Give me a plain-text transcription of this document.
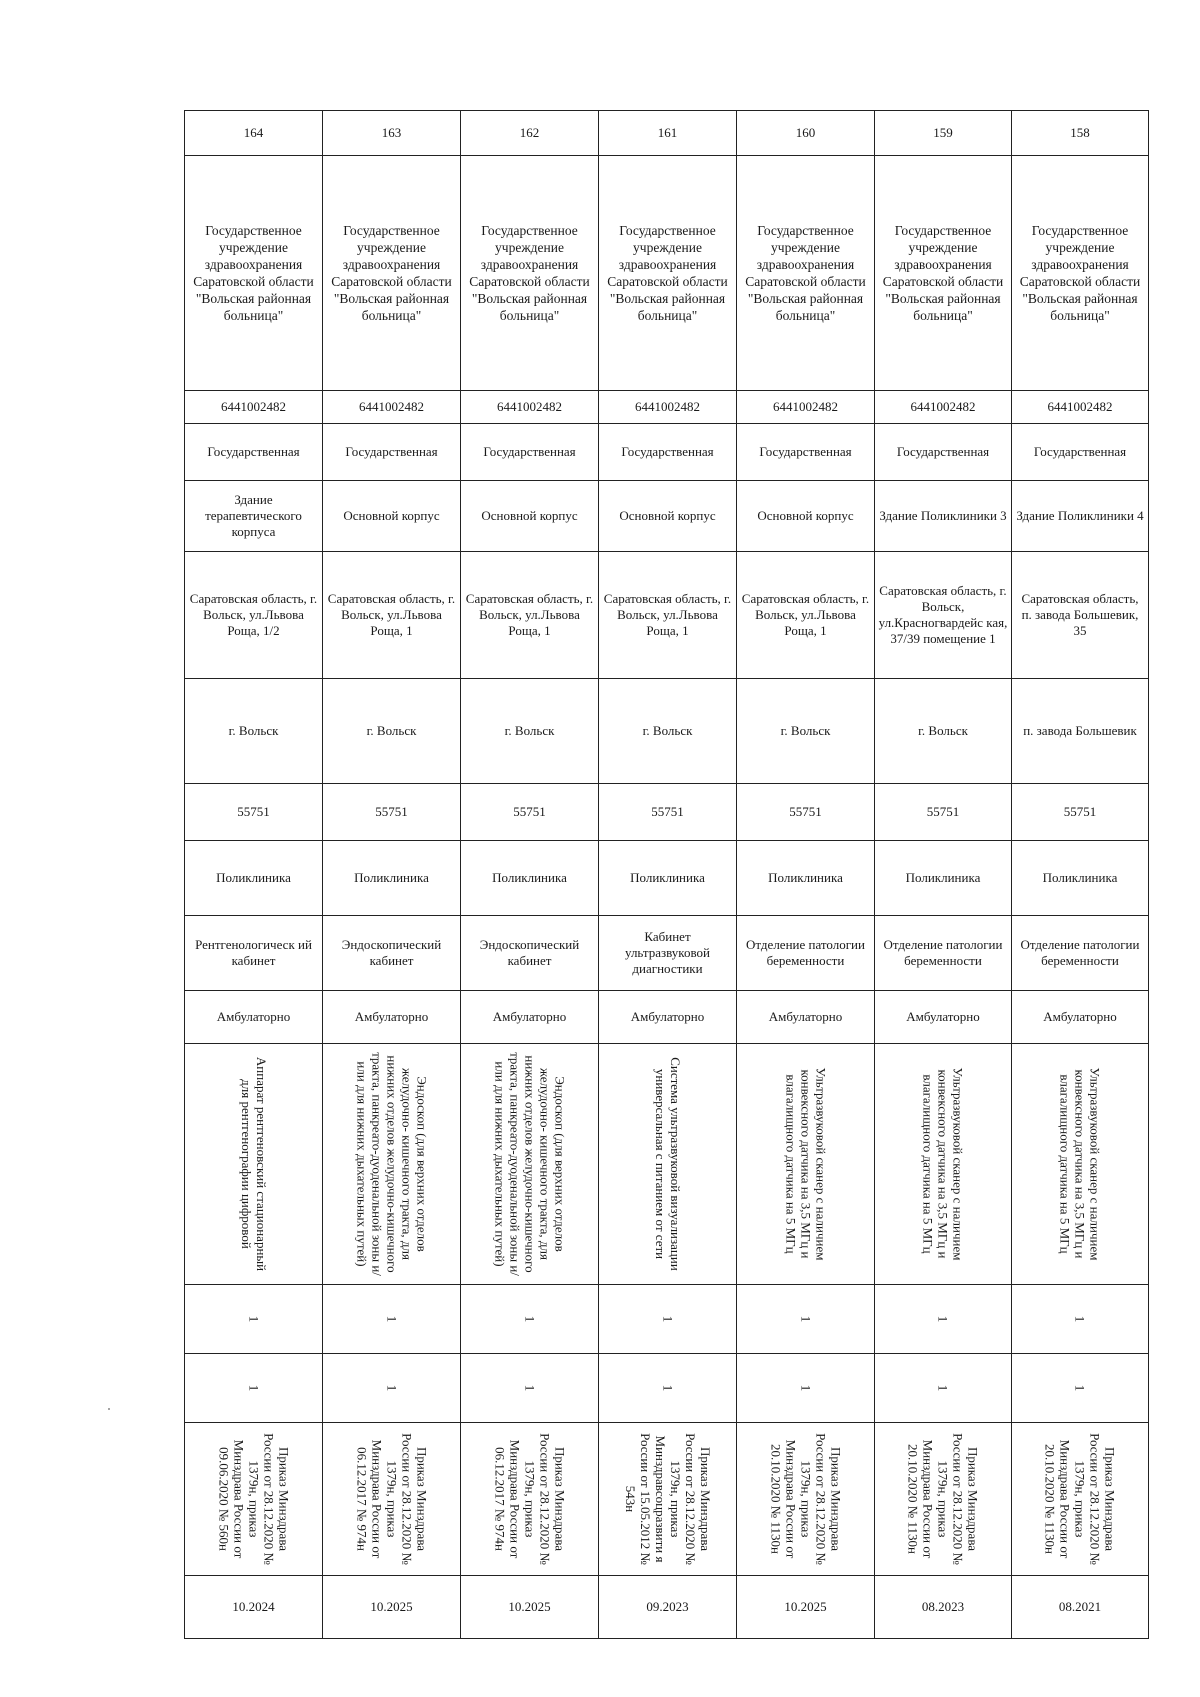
164	163	162	161	160	159	158
Государственное учреждение здравоохранения Саратовской области "Вольская районная больница"	Государственное учреждение здравоохранения Саратовской области "Вольская районная больница"	Государственное учреждение здравоохранения Саратовской области "Вольская районная больница"	Государственное учреждение здравоохранения Саратовской области "Вольская районная больница"	Государственное учреждение здравоохранения Саратовской области "Вольская районная больница"	Государственное учреждение здравоохранения Саратовской области "Вольская районная больница"	Государственное учреждение здравоохранения Саратовской области "Вольская районная больница"
6441002482	6441002482	6441002482	6441002482	6441002482	6441002482	6441002482
Государственная	Государственная	Государственная	Государственная	Государственная	Государственная	Государственная
Здание терапевтического корпуса	Основной корпус	Основной корпус	Основной корпус	Основной корпус	Здание Поликлиники 3	Здание Поликлиники 4
Саратовская область, г. Вольск, ул.Львова Роща, 1/2	Саратовская область, г. Вольск, ул.Львова Роща, 1	Саратовская область, г. Вольск, ул.Львова Роща, 1	Саратовская область, г. Вольск, ул.Львова Роща, 1	Саратовская область, г. Вольск, ул.Львова Роща, 1	Саратовская область, г. Вольск, ул.Красногвардейс кая, 37/39 помещение 1	Саратовская область, п. завода Большевик, 35
г. Вольск	г. Вольск	г. Вольск	г. Вольск	г. Вольск	г. Вольск	п. завода Большевик
55751	55751	55751	55751	55751	55751	55751
Поликлиника	Поликлиника	Поликлиника	Поликлиника	Поликлиника	Поликлиника	Поликлиника
Рентгенологическ ий кабинет	Эндоскопический кабинет	Эндоскопический кабинет	Кабинет ультразвуковой диагностики	Отделение патологии беременности	Отделение патологии беременности	Отделение патологии беременности
Амбулаторно	Амбулаторно	Амбулаторно	Амбулаторно	Амбулаторно	Амбулаторно	Амбулаторно

Аппарат рентгеновский стационарный для рентгенографии цифровой	Эндоскоп (для верхних отделов желудочно- кишечного тракта, для нижних отделов желудочно-кишечного тракта, панкреато-дуоденальной зоны и/или для нижних дыхательных путей)	Эндоскоп (для верхних отделов желудочно- кишечного тракта, для нижних отделов желудочно-кишечного тракта, панкреато-дуоденальной зоны и/или для нижних дыхательных путей)	Система ультразвуковой визуализации универсальная с питанием от сети	Ультразвуковой сканер с наличием конвексного датчика на 3,5 МГц и влагалищного датчика на 5 МГц	Ультразвуковой сканер с наличием конвексного датчика на 3,5 МГц и влагалищного датчика на 5 МГц	Ультразвуковой сканер с наличием конвексного датчика на 3,5 МГц и влагалищного датчика на 5 МГц

1	1	1	1	1	1	1

1	1	1	1	1	1	1

Приказ Минздрава России от 28.12.2020 № 1379н, приказ Минздрава России от 09.06.2020 № 560н	Приказ Минздрава России от 28.12.2020 № 1379н, приказ Минздрава России от 06.12.2017 № 974н	Приказ Минздрава России от 28.12.2020 № 1379н, приказ Минздрава России от 06.12.2017 № 974н	Приказ Минздрава России от 28.12.2020 № 1379н, приказ Минздравсоцразвити я России от 15.05.2012 № 543н	Приказ Минздрава России от 28.12.2020 № 1379н, приказ Минздрава России от 20.10.2020 № 1130н	Приказ Минздрава России от 28.12.2020 № 1379н, приказ Минздрава России от 20.10.2020 № 1130н	Приказ Минздрава России от 28.12.2020 № 1379н, приказ Минздрава России от 20.10.2020 № 1130н

10.2024	10.2025	10.2025	09.2023	10.2025	08.2023	08.2021
